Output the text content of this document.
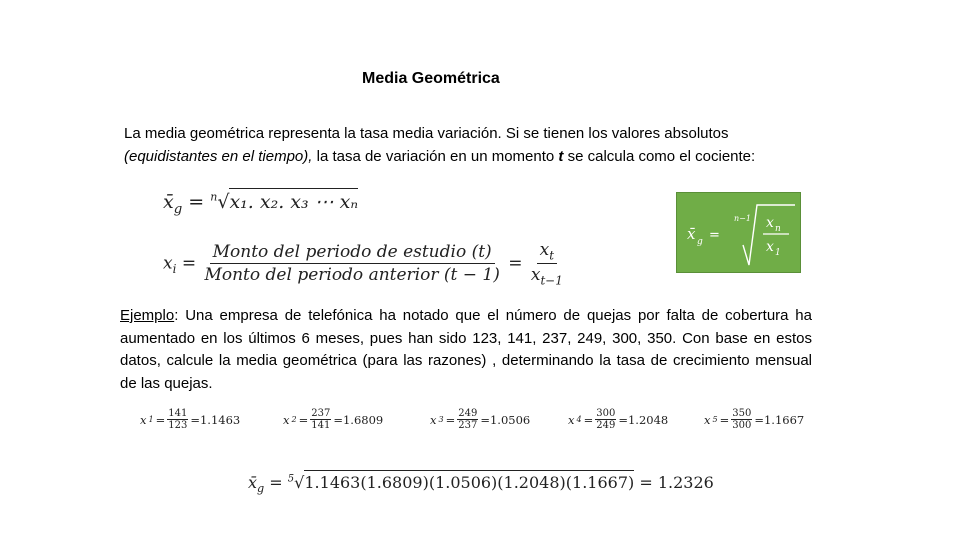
Media Geométrica
La media geométrica representa la tasa media variación. Si se tienen los valores absolutos
(equidistantes en el tiempo), la tasa de variación en un momento t se calcula como el cociente:
$x̄_g = ^n√x_1$. x₂. x₃ ⋯ xₙ
$x_i = \frac{\text{Monto del periodo de estudio (t)}}{\text{Monto del periodo anterior (t − 1)}} = \frac{x_t}{x_{t-1}}$
x̄ g =
n−1 x n
x 1
Ejemplo: Una empresa de telefónica ha notado que el número de quejas por falta de cobertura ha aumentado en los últimos 6 meses, pues han sido 123, 141, 237, 249, 300, 350. Con base en estos datos, calcule la media geométrica (para las razones) , determinando la tasa de crecimiento mensual de las quejas.
x $1 = \frac{141}{123} =1.1463$	x $2 = \frac{237}{141} =1.6809$	x $3 = \frac{249}{237} =1.0506$	x $4 = \frac{300}{249} =1.2048$	x $5 = \frac{350}{300} =1.1667$
$x̄_g = ^5√1.1463(1.6809)(1.0506)(1.2048)(1.1667) = 1.2326$
